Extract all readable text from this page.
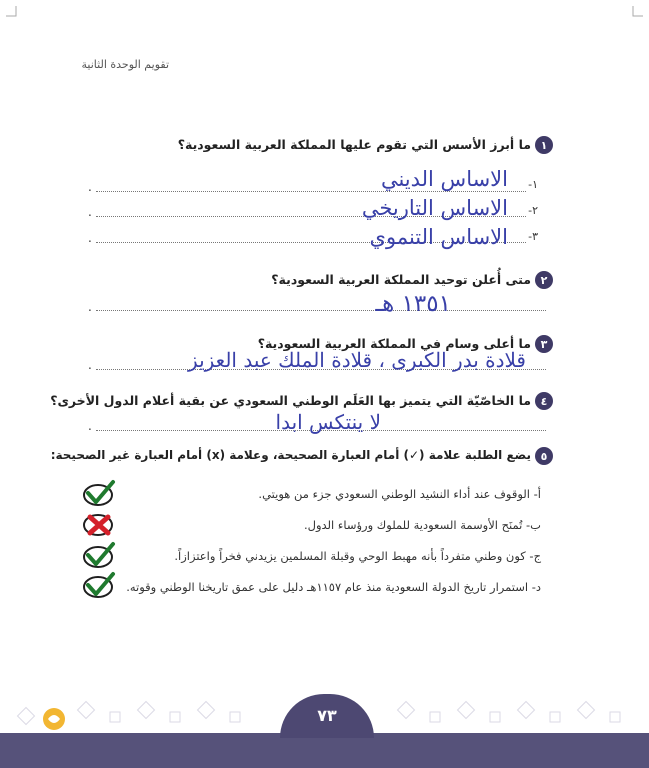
تقويم الوحدة الثانية
١
ما أبرز الأسس التي تقوم عليها المملكة العربية السعودية؟
١-
.	الاساس الديني
٢-
.	الاساس التاريخي
٣-
.	الاساس التنموي
٢
متى أُعلن توحيد المملكة العربية السعودية؟
.	١٣٥١ هـ
٣
ما أعلى وسام في المملكة العربية السعودية؟
.	قلادة بدر الكبرى ، قلادة الملك عبد العزيز
٤
ما الخاصّيّة التي يتميز بها العَلَم الوطني السعودي عن بقية أعلام الدول الأخرى؟
.	لا ينتكس ابدا
٥
يضع الطلبة علامة (✓) أمام العبارة الصحيحة، وعلامة (x) أمام العبارة غير الصحيحة:
أ- الوقوف عند أداء النشيد الوطني السعودي جزء من هويتي.
ب- تُمنَح الأوسمة السعودية للملوك ورؤساء الدول.
ج- كون وطني متفرداً بأنه مهبط الوحي وقبلة المسلمين يزيدني فخراً واعتزازاً.
د- استمرار تاريخ الدولة السعودية منذ عام ١١٥٧هـ دليل على عمق تاريخنا الوطني وقوته.
٧٣
